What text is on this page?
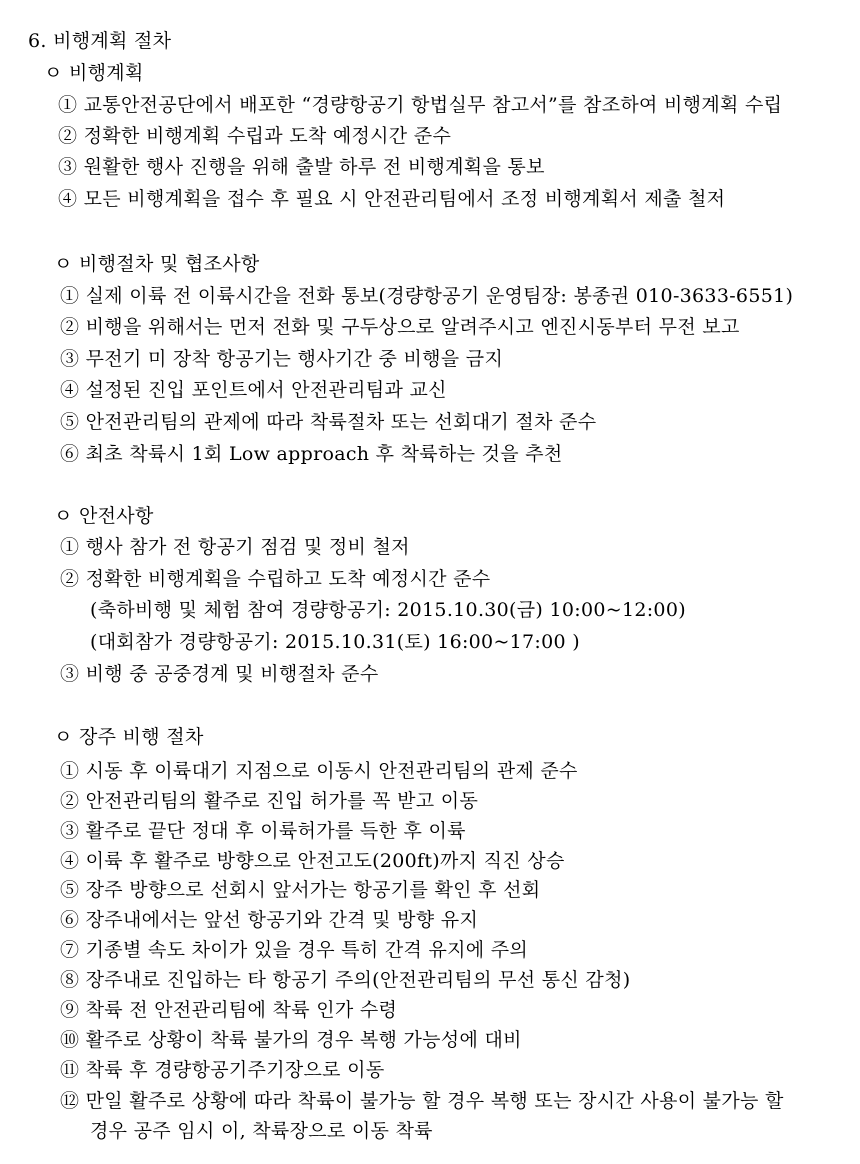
6. 비행계획 절차
ㅇ 비행계획
① 교통안전공단에서 배포한 “경량항공기 항법실무 참고서”를 참조하여 비행계획 수립
② 정확한 비행계획 수립과 도착 예정시간 준수
③ 원활한 행사 진행을 위해 출발 하루 전 비행계획을 통보
④ 모든 비행계획을 접수 후 필요 시 안전관리팀에서 조정 비행계획서 제출 철저
ㅇ 비행절차 및 협조사항
① 실제 이륙 전 이륙시간을 전화 통보(경량항공기 운영팀장: 봉종권 010-3633-6551)
② 비행을 위해서는 먼저 전화 및 구두상으로 알려주시고 엔진시동부터 무전 보고
③ 무전기 미 장착 항공기는 행사기간 중 비행을 금지
④ 설정된 진입 포인트에서 안전관리팀과 교신
⑤ 안전관리팀의 관제에 따라 착륙절차 또는 선회대기 절차 준수
⑥ 최초 착륙시 1회 Low approach 후 착륙하는 것을 추천
ㅇ 안전사항
① 행사 참가 전 항공기 점검 및 정비 철저
② 정확한 비행계획을 수립하고 도착 예정시간 준수
(축하비행 및 체험 참여 경량항공기: 2015.10.30(금) 10:00~12:00)
(대회참가 경량항공기: 2015.10.31(토) 16:00~17:00 )
③ 비행 중 공중경계 및 비행절차 준수
ㅇ 장주 비행 절차
① 시동 후 이륙대기 지점으로 이동시 안전관리팀의 관제 준수
② 안전관리팀의 활주로 진입 허가를 꼭 받고 이동
③ 활주로 끝단 정대 후 이륙허가를 득한 후 이륙
④ 이륙 후 활주로 방향으로 안전고도(200ft)까지 직진 상승
⑤ 장주 방향으로 선회시 앞서가는 항공기를 확인 후 선회
⑥ 장주내에서는 앞선 항공기와 간격 및 방향 유지
⑦ 기종별 속도 차이가 있을 경우 특히 간격 유지에 주의
⑧ 장주내로 진입하는 타 항공기 주의(안전관리팀의 무선 통신 감청)
⑨ 착륙 전 안전관리팀에 착륙 인가 수령
⑩ 활주로 상황이 착륙 불가의 경우 복행 가능성에 대비
⑪ 착륙 후 경량항공기주기장으로 이동
⑫ 만일 활주로 상황에 따라 착륙이 불가능 할 경우 복행 또는 장시간 사용이 불가능 할
경우 공주 임시 이, 착륙장으로 이동 착륙
